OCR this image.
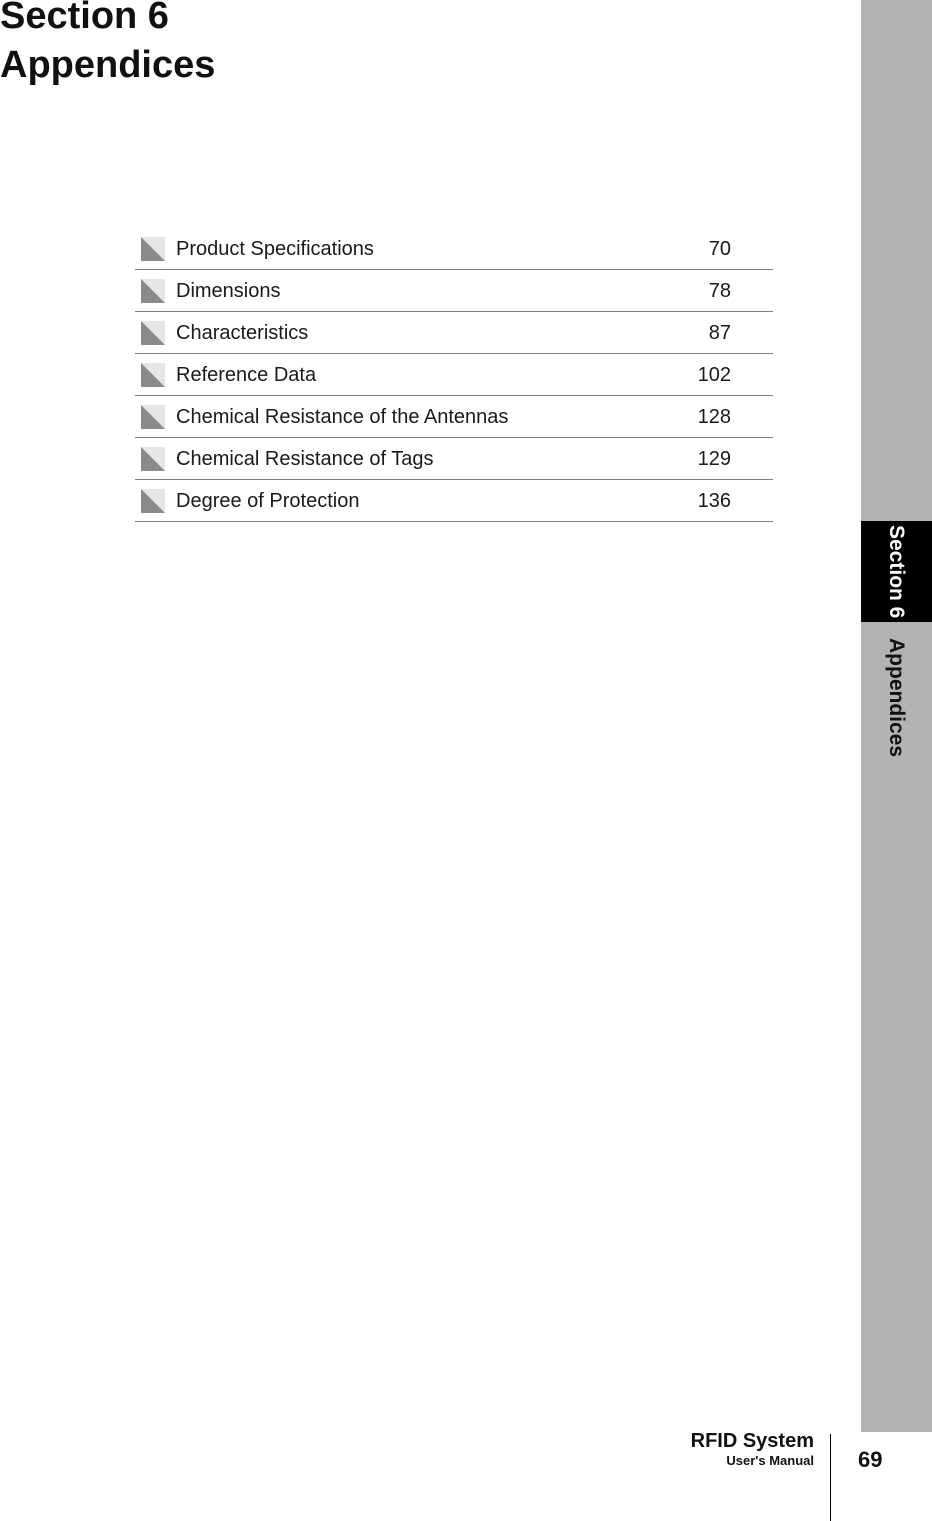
Section 6
Appendices
Product Specifications	70
Dimensions	78
Characteristics	87
Reference Data	102
Chemical Resistance of the Antennas	128
Chemical Resistance of Tags	129
Degree of Protection	136
Section 6
Appendices
RFID System
User's Manual 69
